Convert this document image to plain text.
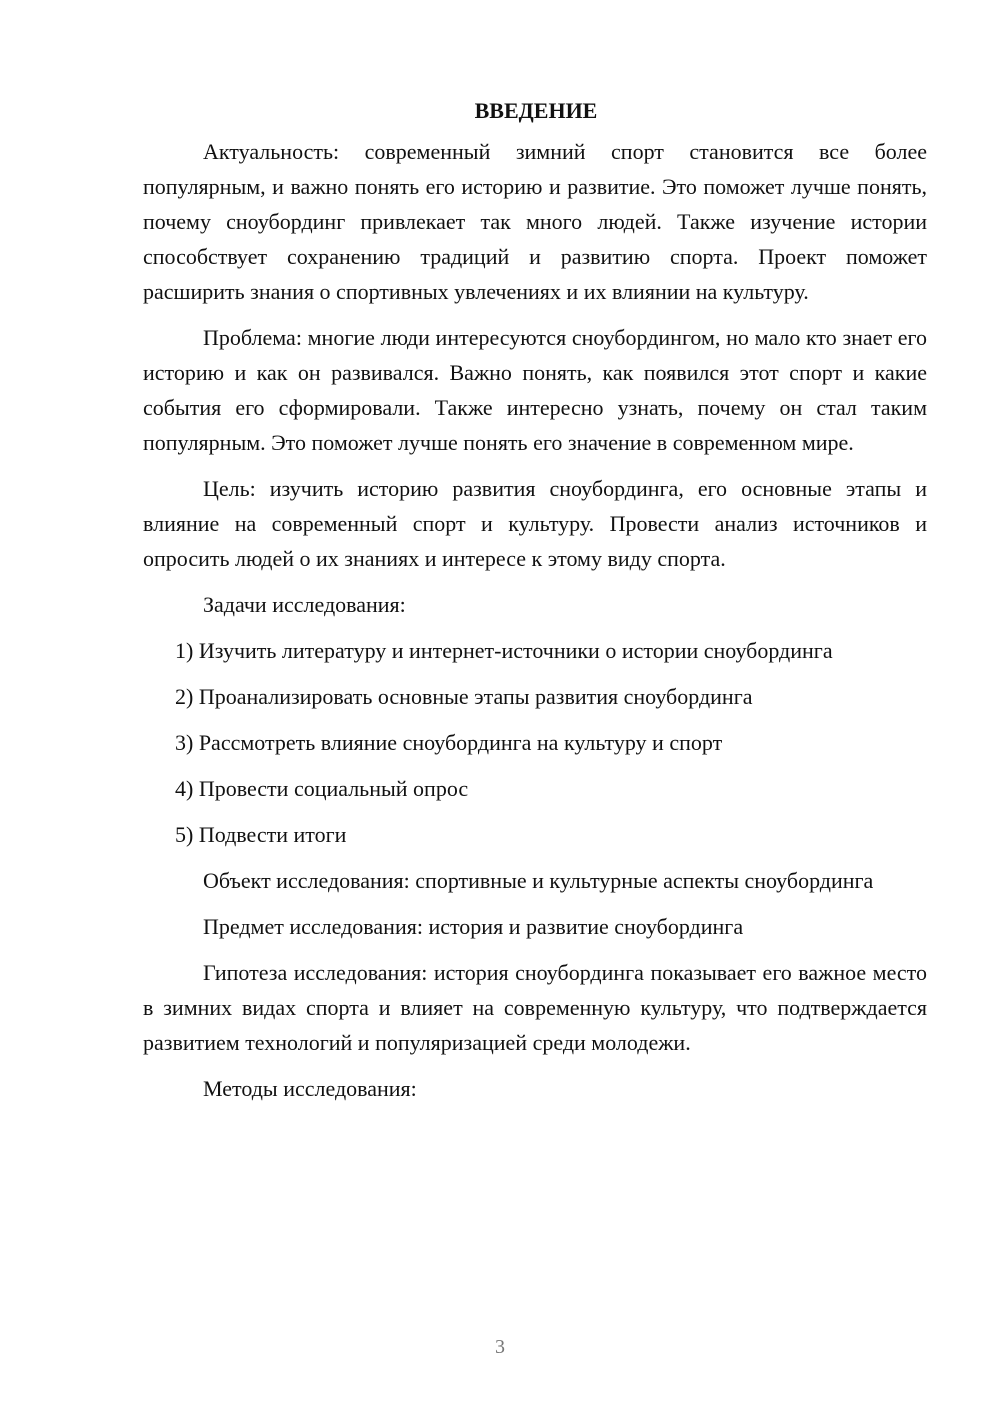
ВВЕДЕНИЕ

Актуальность: современный зимний спорт становится все более популярным, и важно понять его историю и развитие. Это поможет лучше понять, почему сноубординг привлекает так много людей. Также изучение истории способствует сохранению традиций и развитию спорта. Проект поможет расширить знания о спортивных увлечениях и их влиянии на культуру.

Проблема: многие люди интересуются сноубордингом, но мало кто знает его историю и как он развивался. Важно понять, как появился этот спорт и какие события его сформировали. Также интересно узнать, почему он стал таким популярным. Это поможет лучше понять его значение в современном мире.

Цель: изучить историю развития сноубординга, его основные этапы и влияние на современный спорт и культуру. Провести анализ источников и опросить людей о их знаниях и интересе к этому виду спорта.

Задачи исследования:

1) Изучить литературу и интернет-источники о истории сноубординга
2) Проанализировать основные этапы развития сноубординга
3) Рассмотреть влияние сноубординга на культуру и спорт
4) Провести социальный опрос
5) Подвести итоги

Объект исследования: спортивные и культурные аспекты сноубординга

Предмет исследования: история и развитие сноубординга

Гипотеза исследования: история сноубординга показывает его важное место в зимних видах спорта и влияет на современную культуру, что подтверждается развитием технологий и популяризацией среди молодежи.

Методы исследования:

3
